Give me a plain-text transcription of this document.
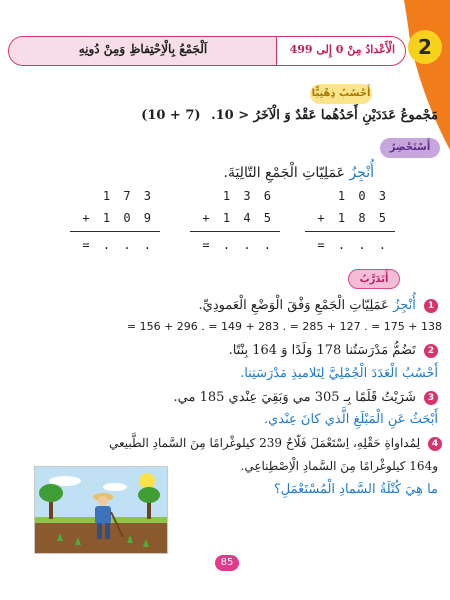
2
اَلْجَمْعُ بِالْاِحْتِفاظِ وَمِنْ دُونِهِ	الْأَعْدادُ مِنْ 0 إِلى 499
أَحْسُبُ ذِهْنِيًّا
مَجْموعُ عَدَدَيْنِ أَحَدُهُما عَقْدٌ وَ الْآخَرُ < 10. (7 + 10)
أَسْتَحْضِرُ
أُنْجِزُ عَمَلِيّاتِ الْجَمْعِ التّالِيَةَ.
1 7 3
+ 1 0 9
= . . .
1 3 6
+ 1 4 5
= . . .
1 0 3
+ 1 8 5
= . . .
أَتَدَرَّبُ
1 أُنْجِزُ عَمَلِيّاتِ الْجَمْعِ وَفْقَ الْوَضْعِ الْعَمودِيِّ.
= 156 + 296 . = 149 + 283 . = 285 + 127 . = 175 + 138
2 تَضُمُّ مَدْرَسَتُنا 178 وَلَدًا وَ 164 بِنْتًا.
أَحْسُبُ الْعَدَدَ الْجُمْلِيَّ لِتَلاميذِ مَدْرَسَتِنا.
3 شَرَيْتُ قَلَمًا بِـ 305 مي وَبَقِيَ عِنْدي 185 مي.
أَبْحَثُ عَنِ الْمَبْلَغِ الَّذي كانَ عِنْدي.
4 لِمُداواةِ حَقْلِهِ، اِسْتَعْمَلَ فَلّاحٌ 239 كيلوغْرامًا مِنَ السَّمادِ الطَّبيعي
و164 كيلوغْرامًا مِنَ السَّمادِ الْاِصْطِناعِي.
ما هِيَ كُتْلَةُ السَّمادِ الْمُسْتَعْمَلِ؟
85
